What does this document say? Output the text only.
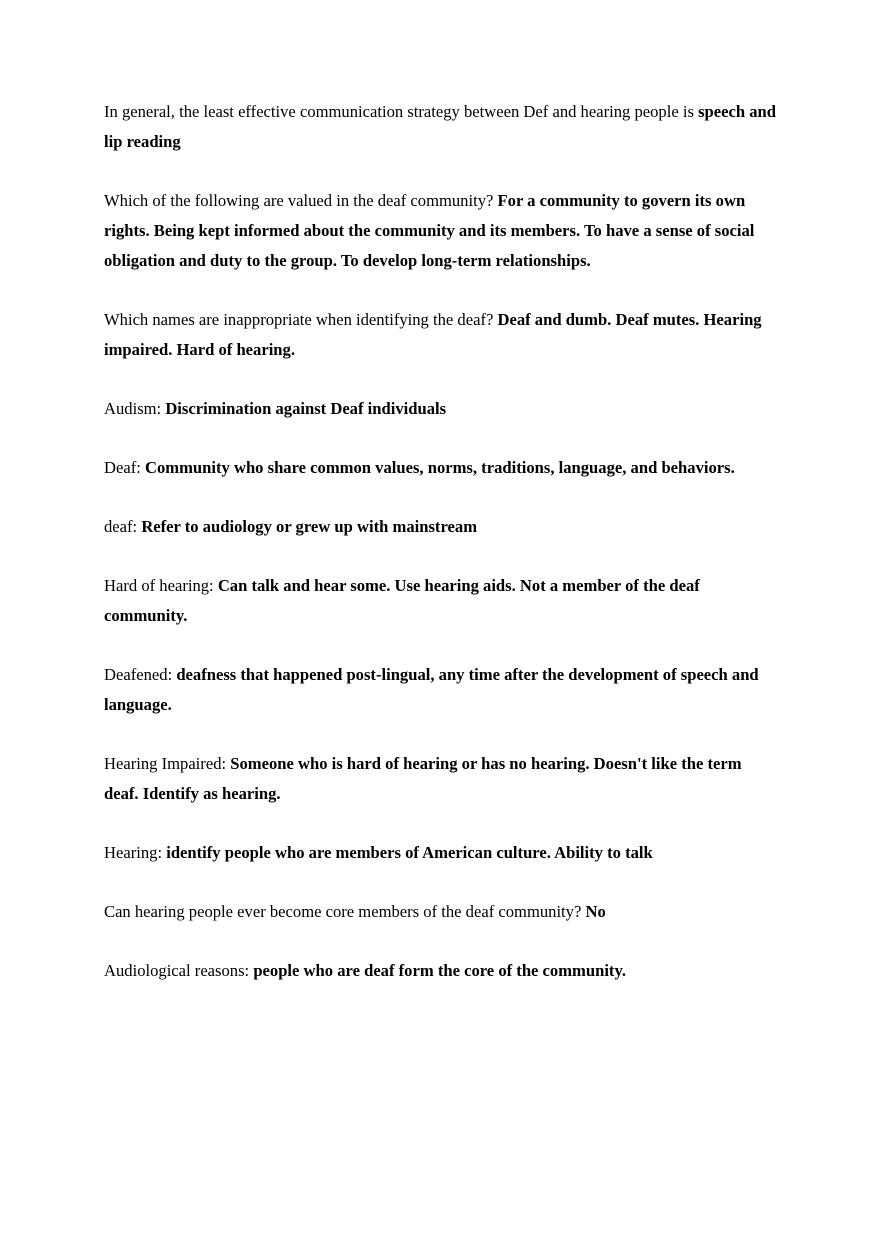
In general, the least effective communication strategy between Def and hearing people is speech and lip reading

Which of the following are valued in the deaf community? For a community to govern its own rights. Being kept informed about the community and its members. To have a sense of social obligation and duty to the group. To develop long-term relationships.

Which names are inappropriate when identifying the deaf? Deaf and dumb. Deaf mutes. Hearing impaired. Hard of hearing.

Audism: Discrimination against Deaf individuals

Deaf: Community who share common values, norms, traditions, language, and behaviors.

deaf: Refer to audiology or grew up with mainstream

Hard of hearing: Can talk and hear some. Use hearing aids. Not a member of the deaf community.

Deafened: deafness that happened post-lingual, any time after the development of speech and language.

Hearing Impaired: Someone who is hard of hearing or has no hearing. Doesn't like the term deaf. Identify as hearing.

Hearing: identify people who are members of American culture. Ability to talk

Can hearing people ever become core members of the deaf community? No

Audiological reasons: people who are deaf form the core of the community.
